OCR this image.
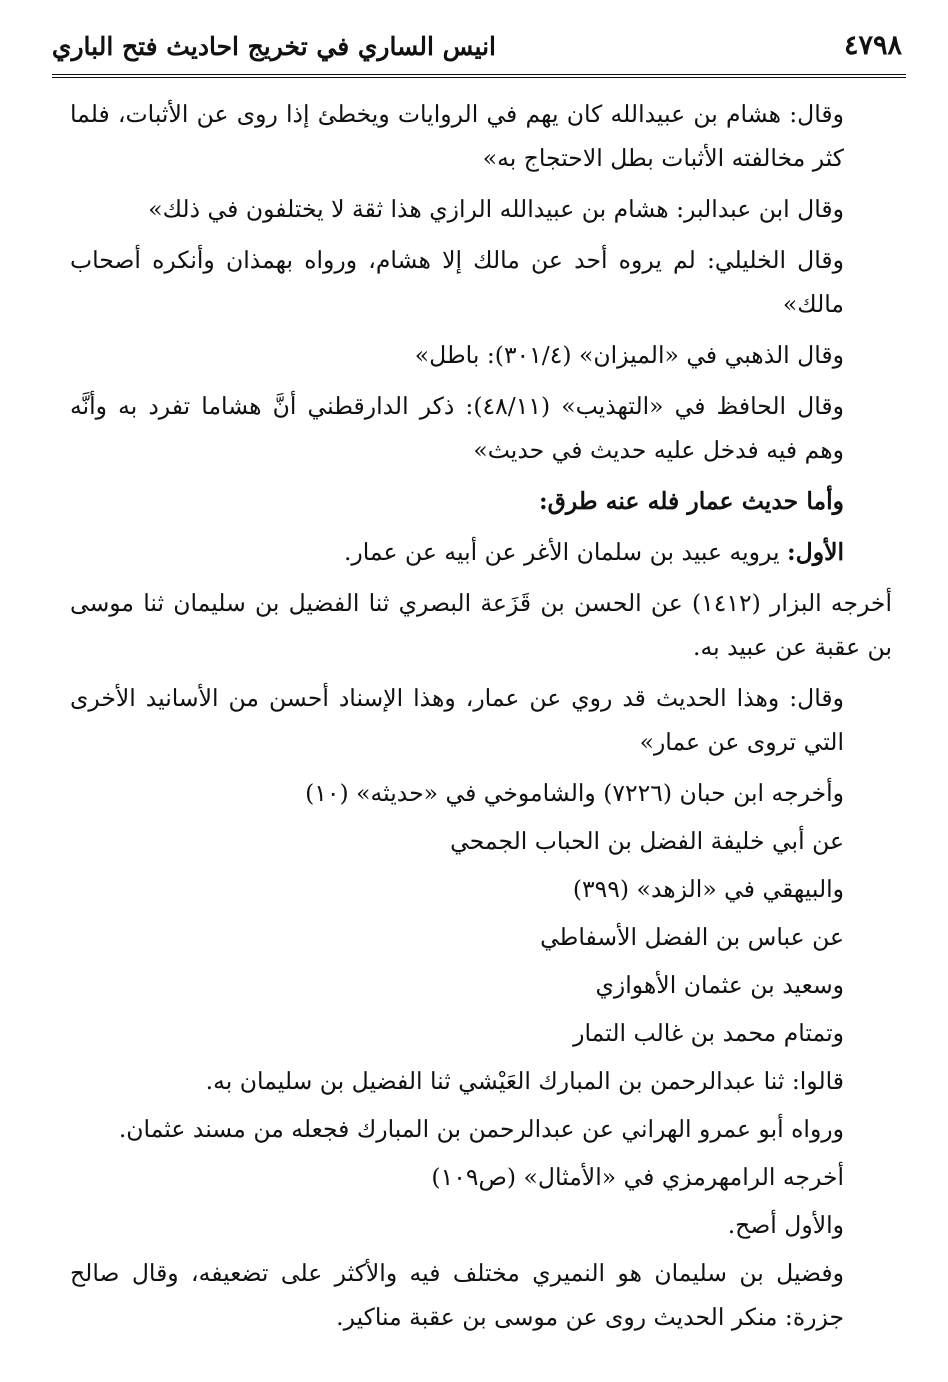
٤٧٩٨
انيس الساري في تخريج احاديث فتح الباري

وقال: هشام بن عبيدالله كان يهم في الروايات ويخطئ إذا روى عن الأثبات، فلما كثر مخالفته الأثبات بطل الاحتجاج به»

وقال ابن عبدالبر: هشام بن عبيدالله الرازي هذا ثقة لا يختلفون في ذلك»

وقال الخليلي: لم يروه أحد عن مالك إلا هشام، ورواه بهمذان وأنكره أصحاب مالك»

وقال الذهبي في «الميزان» (٣٠١/٤): باطل»

وقال الحافظ في «التهذيب» (٤٨/١١): ذكر الدارقطني أنَّ هشاما تفرد به وأنَّه وهم فيه فدخل عليه حديث في حديث»

وأما حديث عمار فله عنه طرق:

الأول: يرويه عبيد بن سلمان الأغر عن أبيه عن عمار.

أخرجه البزار (١٤١٢) عن الحسن بن قَزَعة البصري ثنا الفضيل بن سليمان ثنا موسى بن عقبة عن عبيد به.

وقال: وهذا الحديث قد روي عن عمار، وهذا الإسناد أحسن من الأسانيد الأخرى التي تروى عن عمار»

وأخرجه ابن حبان (٧٢٢٦) والشاموخي في «حديثه» (١٠)

عن أبي خليفة الفضل بن الحباب الجمحي

والبيهقي في «الزهد» (٣٩٩)

عن عباس بن الفضل الأسفاطي

وسعيد بن عثمان الأهوازي

وتمتام محمد بن غالب التمار

قالوا: ثنا عبدالرحمن بن المبارك العَيْشي ثنا الفضيل بن سليمان به.

ورواه أبو عمرو الهراني عن عبدالرحمن بن المبارك فجعله من مسند عثمان.

أخرجه الرامهرمزي في «الأمثال» (ص١٠٩)

والأول أصح.

وفضيل بن سليمان هو النميري مختلف فيه والأكثر على تضعيفه، وقال صالح جزرة: منكر الحديث روى عن موسى بن عقبة مناكير.
